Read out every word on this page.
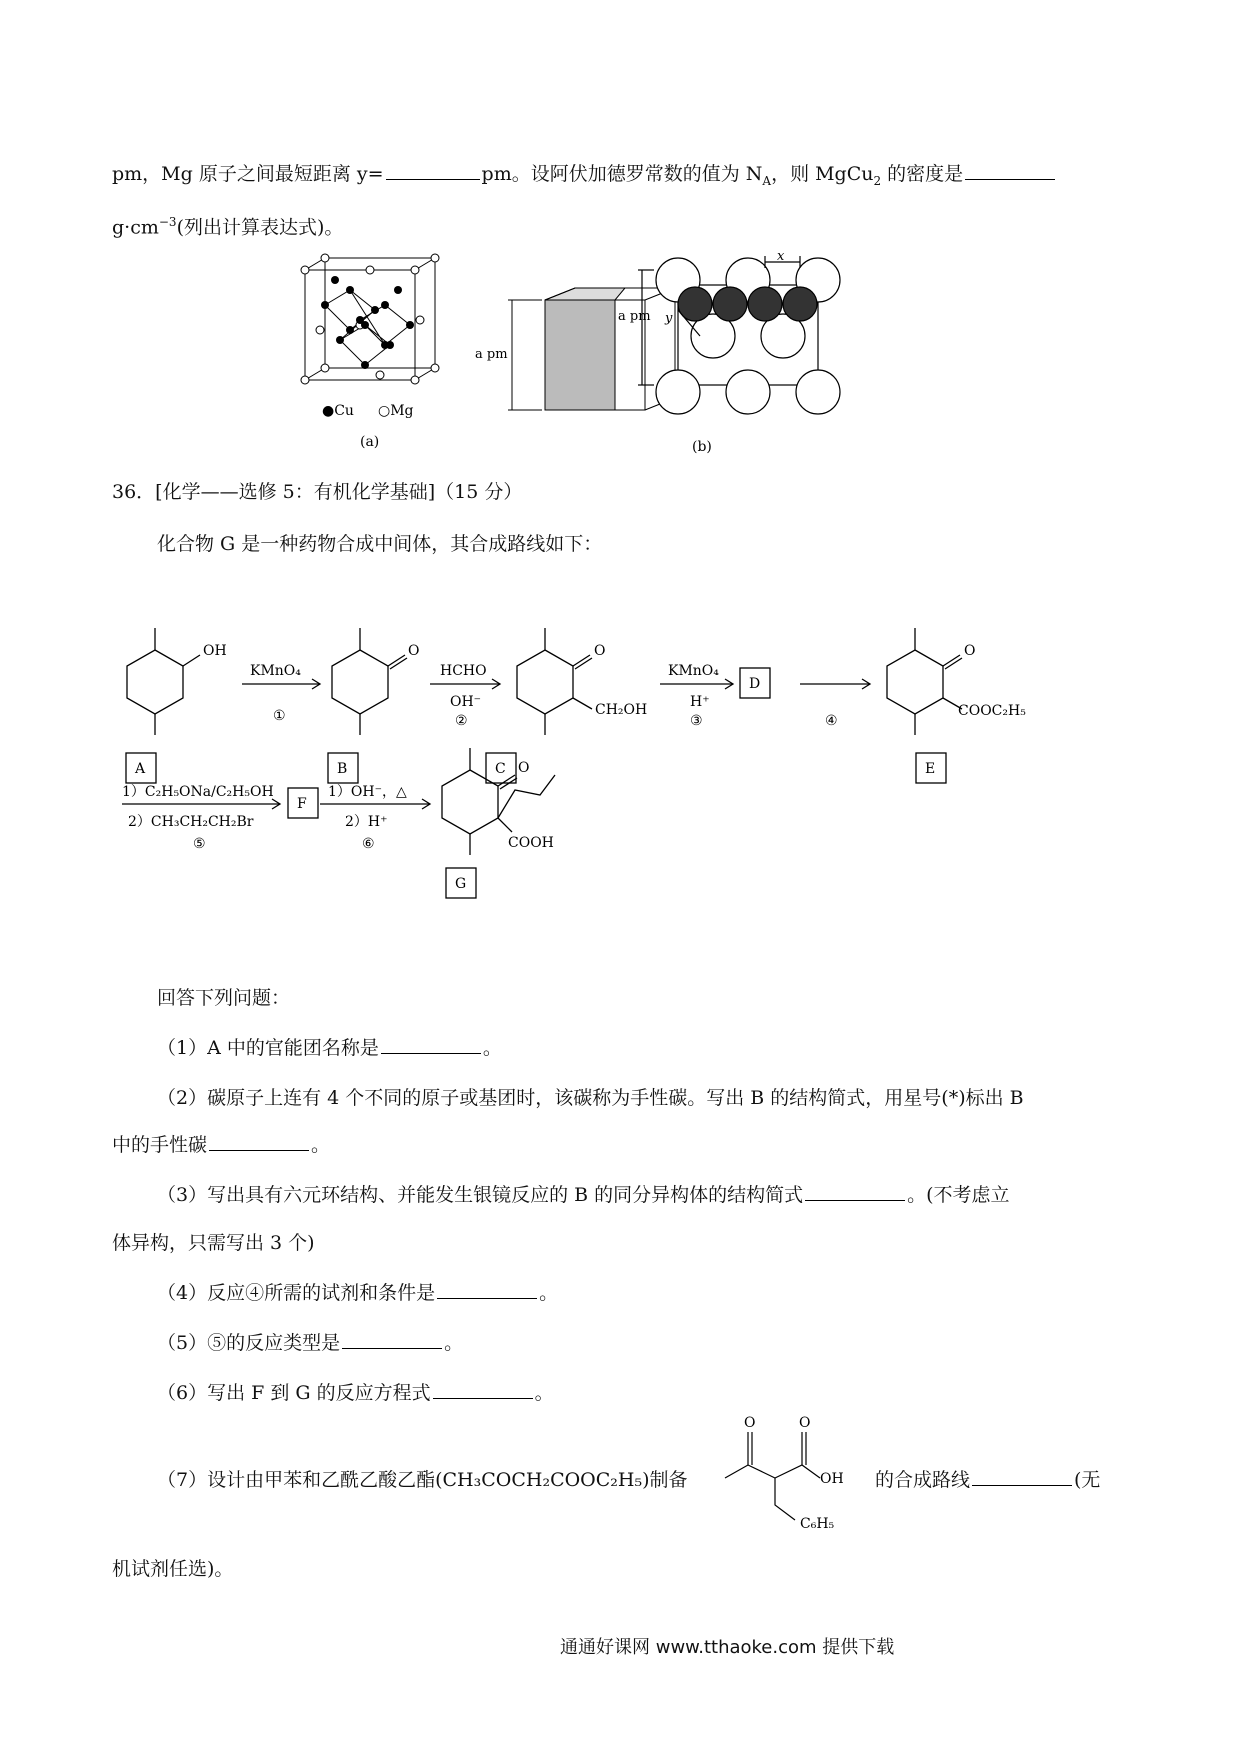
pm，Mg 原子之间最短距离 y=	pm。设阿伏加德罗常数的值为 $N_A$，则 MgCu$_2$ 的密度是
$g\cdot cm^{-3}$(列出计算表达式)。
●Cu ○Mg
(a)
a pm
a pm
x
y
(b)
36．[化学——选修 5：有机化学基础]（15 分）
化合物 G 是一种药物合成中间体，其合成路线如下：
OH	O	O
CH₂OH
O
COOC₂H₅
O
COOH
A	B	C
D
E
F
G
KMnO₄
①
HCHO
OH⁻
②
KMnO₄
H⁺
③	④
1）C₂H₅ONa/C₂H₅OH
2）CH₃CH₂CH₂Br
⑤
1）OH⁻，△
2）H⁺
⑥
回答下列问题：
（1）A 中的官能团名称是	。
（2）碳原子上连有 4 个不同的原子或基团时，该碳称为手性碳。写出 B 的结构简式，用星号(*)标出 B
中的手性碳	。
（3）写出具有六元环结构、并能发生银镜反应的 B 的同分异构体的结构简式	。(不考虑立
体异构，只需写出 3 个)
（4）反应④所需的试剂和条件是	。
（5）⑤的反应类型是	。
（6）写出 F 到 G 的反应方程式	。
（7）设计由甲苯和乙酰乙酸乙酯(CH₃COCH₂COOC₂H₅)制备
O	O
OH
C₆H₅
的合成路线	(无
机试剂任选)。
通通好课网 www.tthaoke.com 提供下载
